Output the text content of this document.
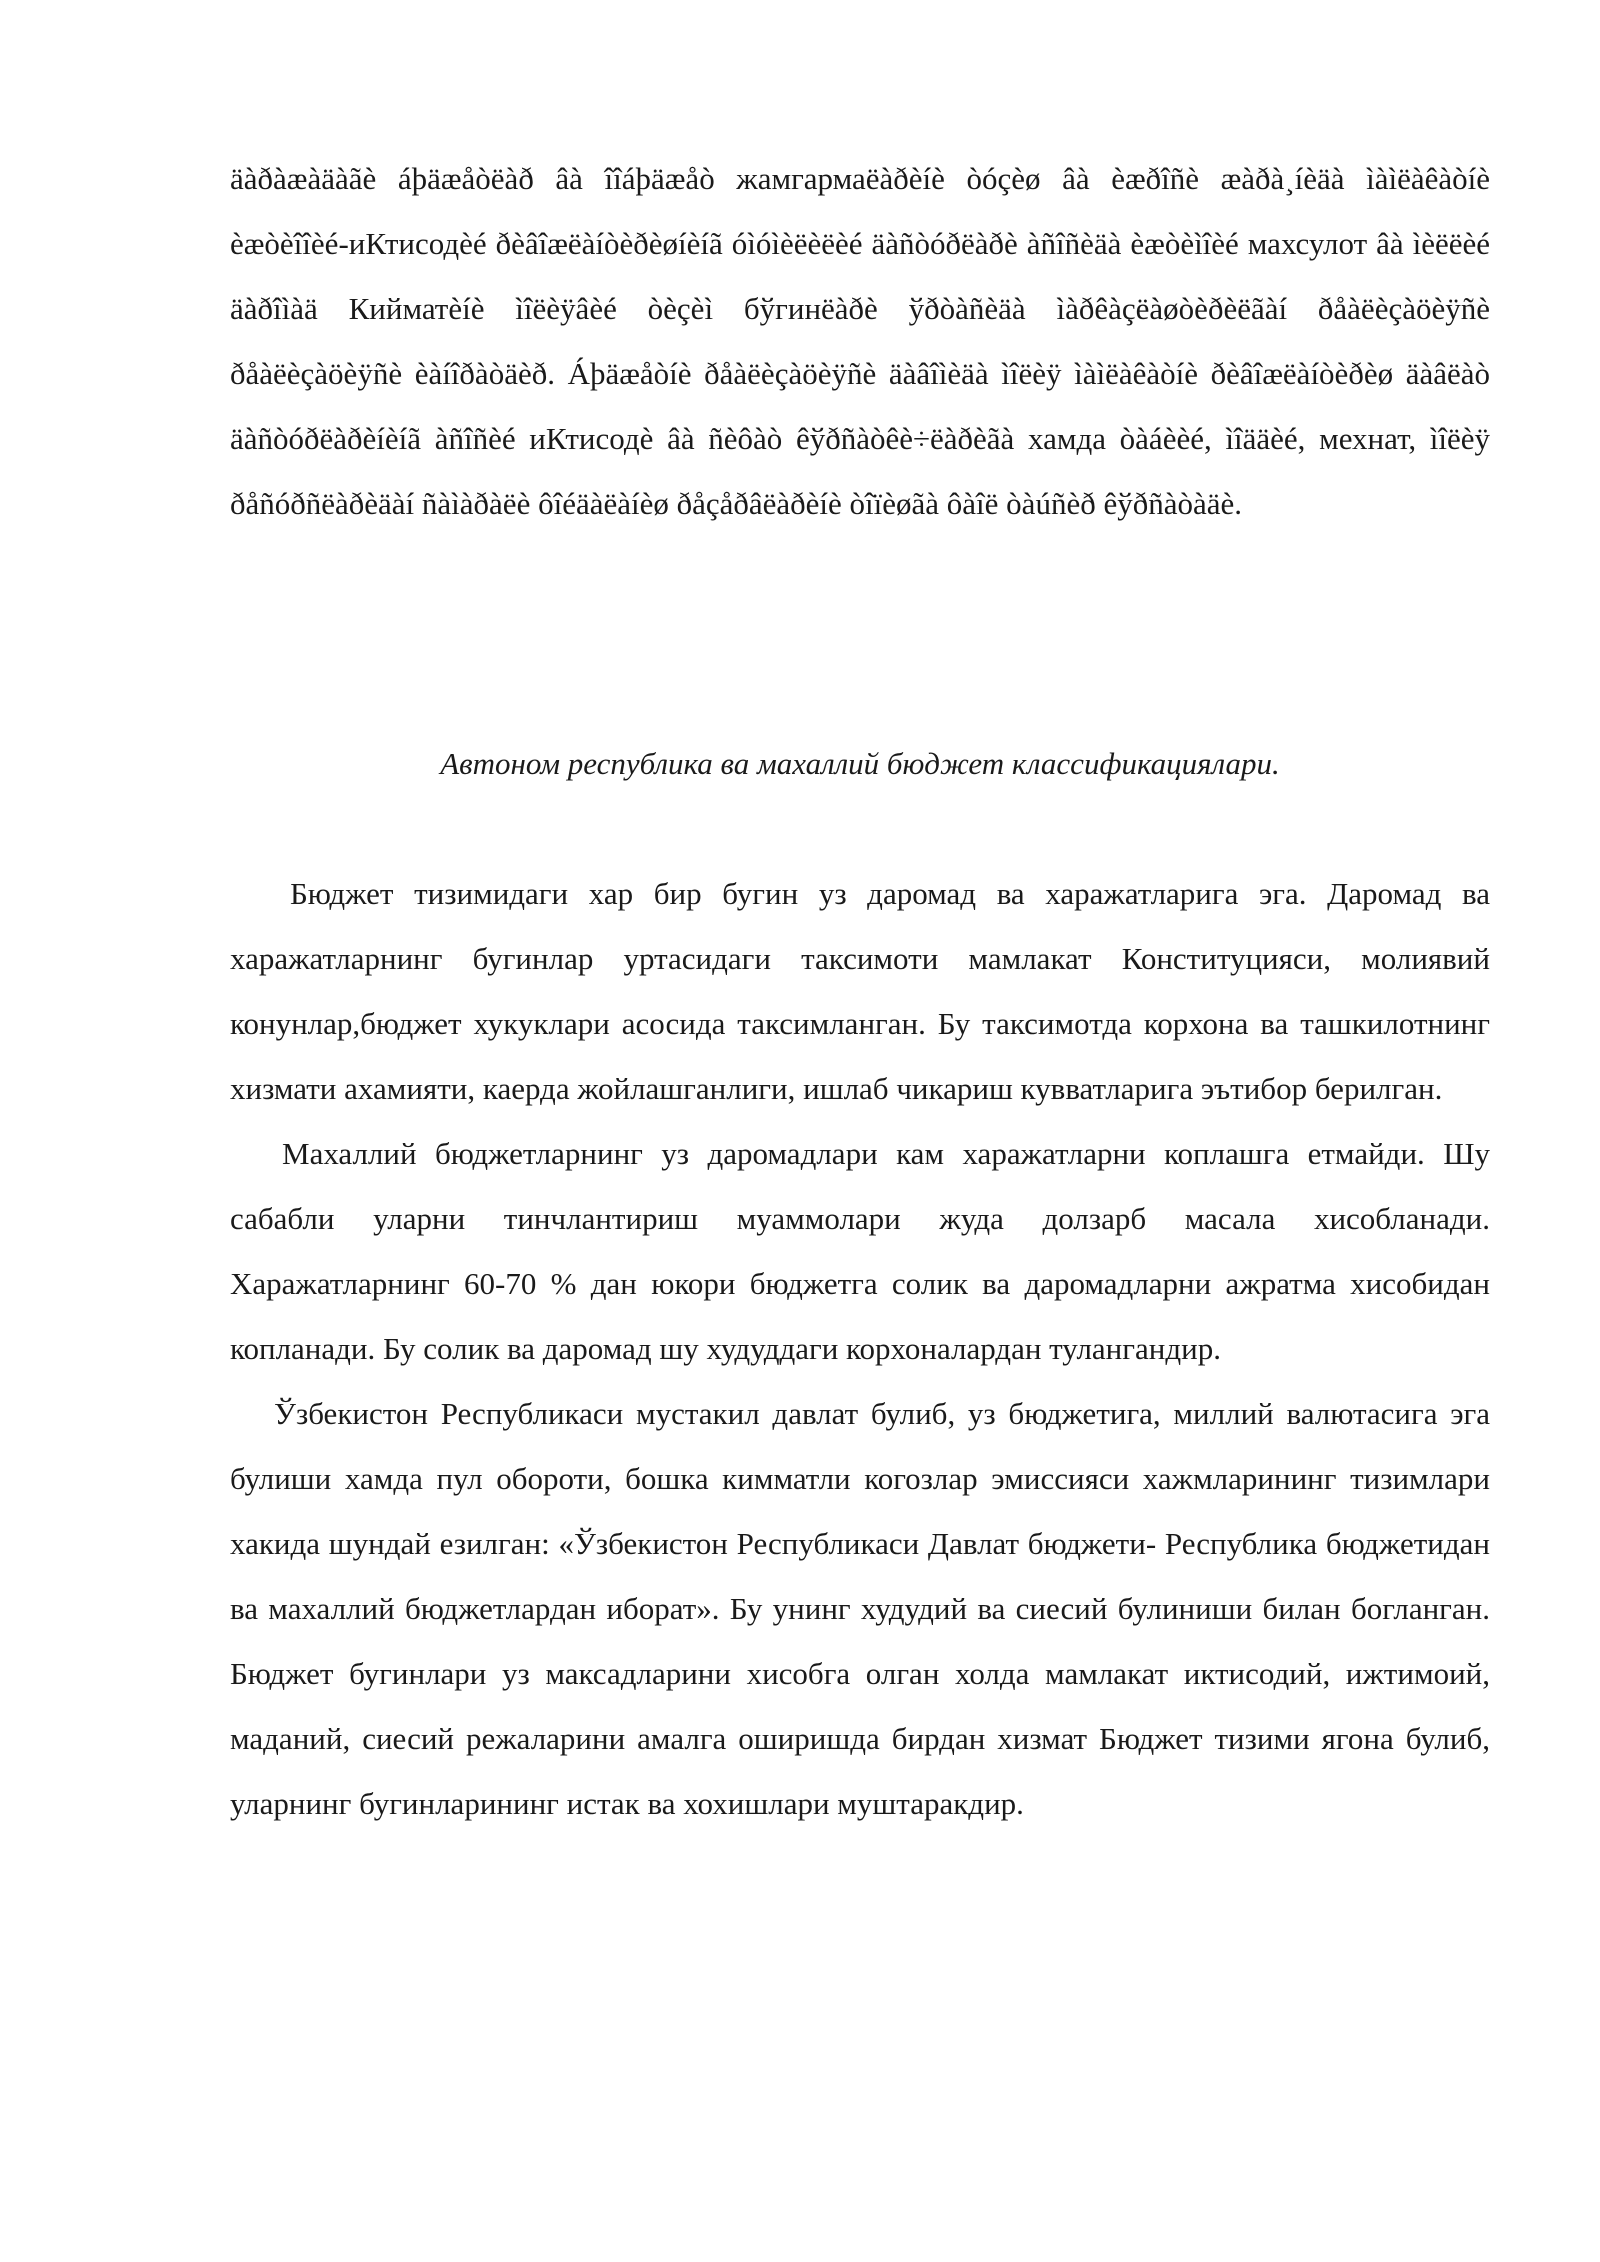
äàðàæàäàãè áþäæåòëàð âà îîáþäæåò жамгармаëàðèíè òóçèø âà èæðîñè æàðà¸íèäà ìàìëàêàòíè èæòèîîèé-иКтисодèé ðèâîæëàíòèðèøíèíã óìóìèëèëèé äàñòóðëàðè àñîñèäà èæòèìîèé махсулот âà ìèëëèé äàðîìàä Кийматèíè ìîëèÿâèé òèçèì бўгинëàðè ўðòàñèäà ìàðêàçëàøòèðèëãàí ðåàëèçàöèÿñè ðåàëèçàöèÿñè èàíîðàòäèð. Áþäæåòíè ðåàëèçàöèÿñè äàâîìèäà ìîëèÿ ìàìëàêàòíè ðèâîæëàíòèðèø äàâëàò äàñòóðëàðèíèíã àñîñèé иКтисодè âà ñèôàò êўðñàòêè÷ëàðèãà хамда òàáèèé, ìîääèé, мехнат, ìîëèÿ ðåñóðñëàðèäàí ñàìàðàëè ôîéäàëàíèø ðåçåðâëàðèíè òîïèøãà ôàîë òàúñèð êўðñàòàäè.

Автоном республика ва махаллий бюджет классификациялари.

Бюджет тизимидаги хар бир бугин уз даромад ва харажатларига эга. Даромад ва харажатларнинг бугинлар уртасидаги таксимоти мамлакат Конституцияси, молиявий конунлар,бюджет хукуклари асосида таксимланган. Бу таксимотда корхона ва ташкилотнинг хизмати ахамияти, каерда жойлашганлиги, ишлаб чикариш кувватларига эътибор берилган.

Махаллий бюджетларнинг уз даромадлари кам харажатларни коплашга етмайди. Шу сабабли уларни тинчлантириш муаммолари жуда долзарб масала хисобланади. Харажатларнинг 60-70 % дан юкори бюджетга солик ва даромадларни ажратма хисобидан копланади. Бу солик ва даромад шу худуддаги корхоналардан тулангандир.

Ўзбекистон Республикаси мустакил давлат булиб, уз бюджетига, миллий валютасига эга булиши хамда пул обороти, бошка кимматли когозлар эмиссияси хажмларининг тизимлари хакида шундай езилган: «Ўзбекистон Республикаси Давлат бюджети- Республика бюджетидан ва махаллий бюджетлардан иборат». Бу унинг худудий ва сиесий булиниши билан богланган. Бюджет бугинлари уз максадларини хисобга олган холда мамлакат иктисодий, ижтимоий, маданий, сиесий режаларини амалга оширишда бирдан хизмат Бюджет тизими ягона булиб, уларнинг бугинларининг истак ва хохишлари муштаракдир.
